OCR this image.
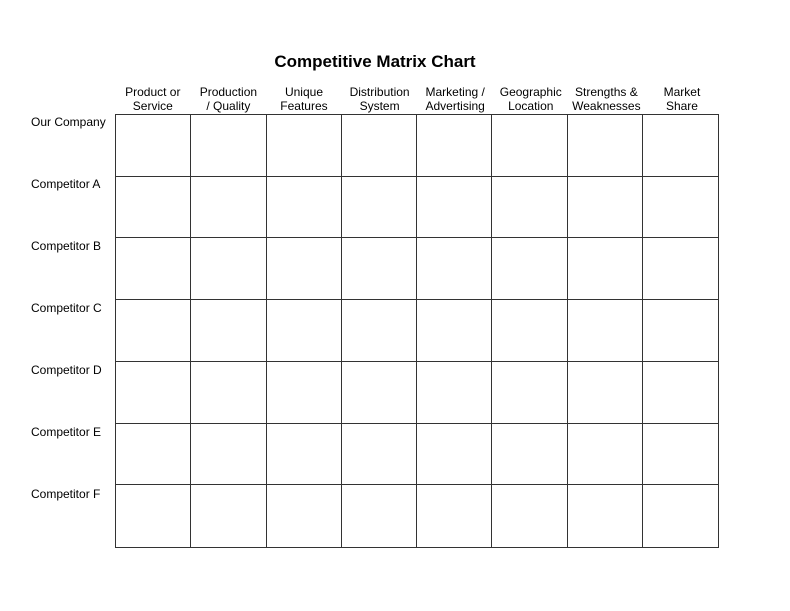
Competitive Matrix Chart
Product or
Service
Production
/ Quality
Unique
Features
Distribution
System
Marketing /
Advertising
Geographic
Location
Strengths &
Weaknesses
Market
Share
Our Company
Competitor A
Competitor B
Competitor C
Competitor D
Competitor E
Competitor F
